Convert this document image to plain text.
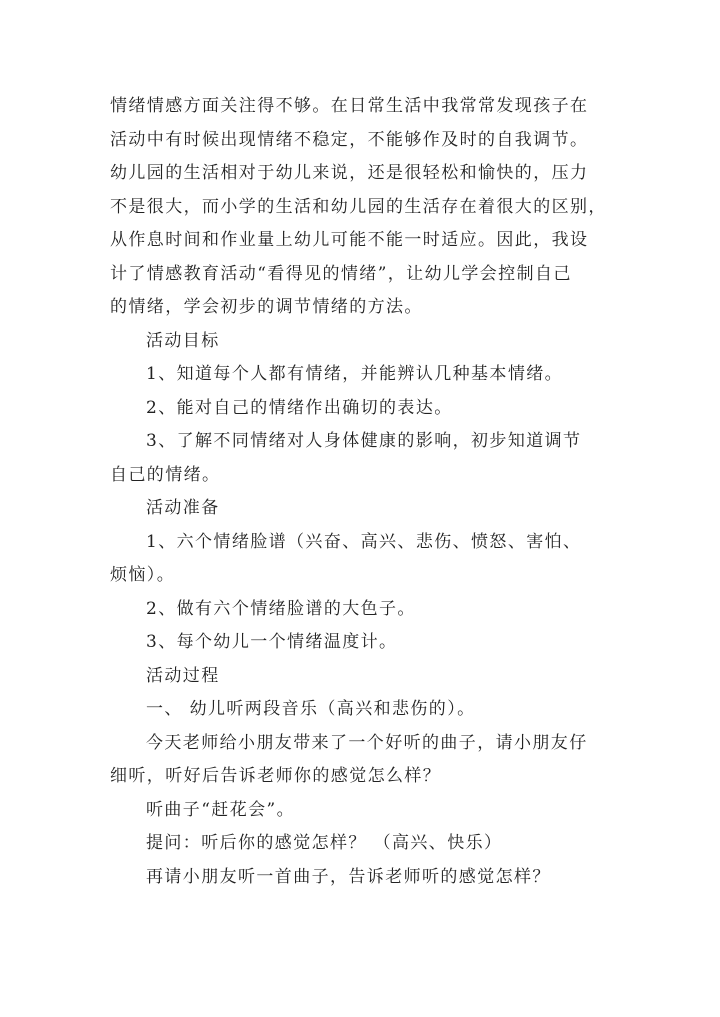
情绪情感方面关注得不够。在日常生活中我常常发现孩子在
活动中有时候出现情绪不稳定，不能够作及时的自我调节。
幼儿园的生活相对于幼儿来说，还是很轻松和愉快的，压力
不是很大，而小学的生活和幼儿园的生活存在着很大的区别，
从作息时间和作业量上幼儿可能不能一时适应。因此，我设
计了情感教育活动“看得见的情绪”，让幼儿学会控制自己
的情绪，学会初步的调节情绪的方法。
活动目标
1、知道每个人都有情绪，并能辨认几种基本情绪。
2、能对自己的情绪作出确切的表达。
3、了解不同情绪对人身体健康的影响，初步知道调节
自己的情绪。
活动准备
1、六个情绪脸谱（兴奋、高兴、悲伤、愤怒、害怕、
烦恼）。
2、做有六个情绪脸谱的大色子。
3、每个幼儿一个情绪温度计。
活动过程
一、 幼儿听两段音乐（高兴和悲伤的）。
今天老师给小朋友带来了一个好听的曲子，请小朋友仔
细听，听好后告诉老师你的感觉怎么样？
听曲子“赶花会”。
提问：听后你的感觉怎样？ （高兴、快乐）
再请小朋友听一首曲子，告诉老师听的感觉怎样？
